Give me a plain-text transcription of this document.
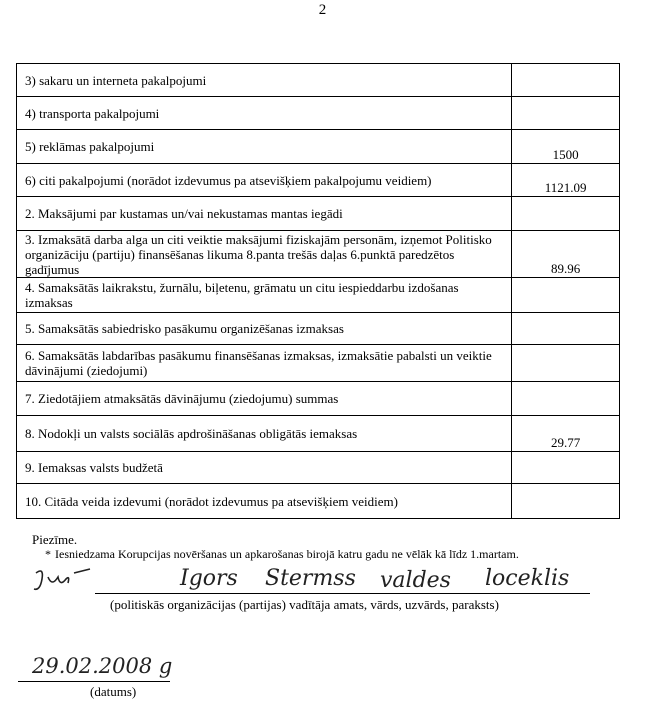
2
3) sakaru un interneta pakalpojumi	
4) transporta pakalpojumi	
5) reklāmas pakalpojumi	1500
6) citi pakalpojumi (norādot izdevumus pa atsevišķiem pakalpojumu veidiem)	1121.09
2. Maksājumi par kustamas un/vai nekustamas mantas iegādi	
3. Izmaksātā darba alga un citi veiktie maksājumi fiziskajām personām, izņemot Politisko organizāciju (partiju) finansēšanas likuma 8.panta trešās daļas 6.punktā paredzētos gadījumus	89.96
4. Samaksātās laikrakstu, žurnālu, biļetenu, grāmatu un citu iespieddarbu izdošanas izmaksas	
5. Samaksātās sabiedrisko pasākumu organizēšanas izmaksas	
6. Samaksātās labdarības pasākumu finansēšanas izmaksas, izmaksātie pabalsti un veiktie dāvinājumi (ziedojumi)	
7. Ziedotājiem atmaksātās dāvinājumu (ziedojumu) summas	
8. Nodokļi un valsts sociālās apdrošināšanas obligātās iemaksas	29.77
9. Iemaksas valsts budžetā	
10. Citāda veida izdevumi (norādot izdevumus pa atsevišķiem veidiem)	
Piezīme.
* Iesniedzama Korupcijas novēršanas un apkarošanas birojā katru gadu ne vēlāk kā līdz 1.martam.
Igors Stermss valdes loceklis
(politiskās organizācijas (partijas) vadītāja amats, vārds, uzvārds, paraksts)
29.02.2008 g
(datums)
